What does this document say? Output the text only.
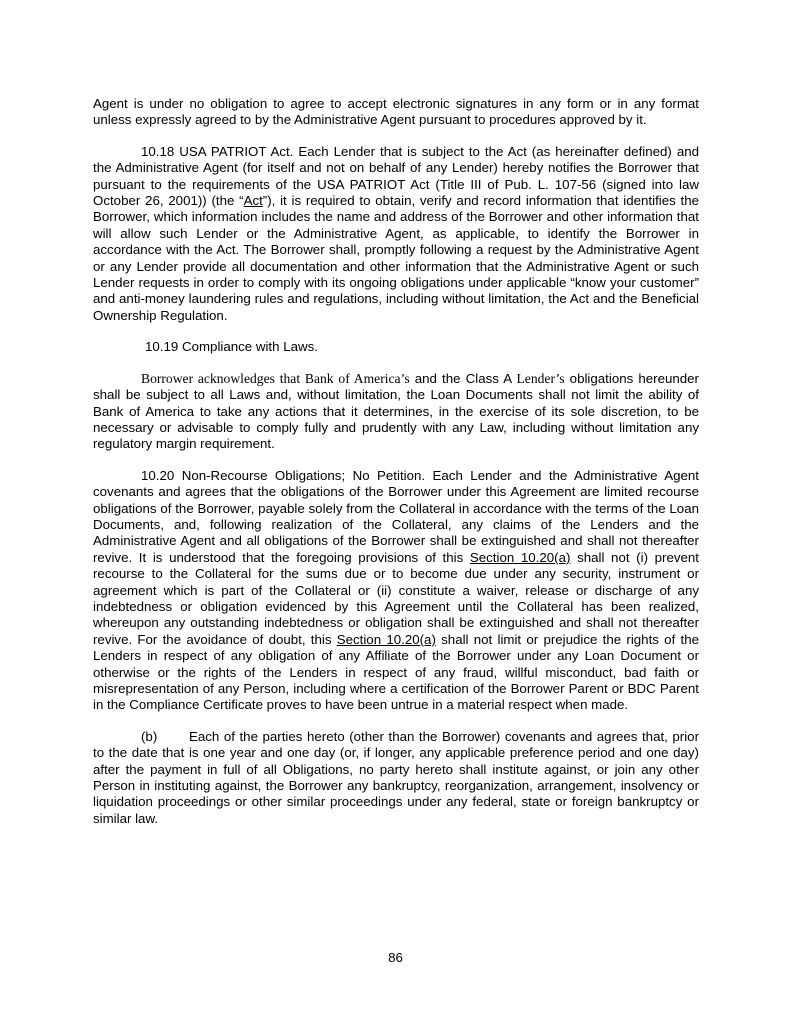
Agent is under no obligation to agree to accept electronic signatures in any form or in any format unless expressly agreed to by the Administrative Agent pursuant to procedures approved by it.

10.18 USA PATRIOT Act. Each Lender that is subject to the Act (as hereinafter defined) and the Administrative Agent (for itself and not on behalf of any Lender) hereby notifies the Borrower that pursuant to the requirements of the USA PATRIOT Act (Title III of Pub. L. 107-56 (signed into law October 26, 2001)) (the “Act”), it is required to obtain, verify and record information that identifies the Borrower, which information includes the name and address of the Borrower and other information that will allow such Lender or the Administrative Agent, as applicable, to identify the Borrower in accordance with the Act. The Borrower shall, promptly following a request by the Administrative Agent or any Lender provide all documentation and other information that the Administrative Agent or such Lender requests in order to comply with its ongoing obligations under applicable “know your customer” and anti-money laundering rules and regulations, including without limitation, the Act and the Beneficial Ownership Regulation.

10.19 Compliance with Laws.

Borrower acknowledges that Bank of America’s and the Class A Lender’s obligations hereunder shall be subject to all Laws and, without limitation, the Loan Documents shall not limit the ability of Bank of America to take any actions that it determines, in the exercise of its sole discretion, to be necessary or advisable to comply fully and prudently with any Law, including without limitation any regulatory margin requirement.

10.20 Non-Recourse Obligations; No Petition. Each Lender and the Administrative Agent covenants and agrees that the obligations of the Borrower under this Agreement are limited recourse obligations of the Borrower, payable solely from the Collateral in accordance with the terms of the Loan Documents, and, following realization of the Collateral, any claims of the Lenders and the Administrative Agent and all obligations of the Borrower shall be extinguished and shall not thereafter revive. It is understood that the foregoing provisions of this Section 10.20(a) shall not (i) prevent recourse to the Collateral for the sums due or to become due under any security, instrument or agreement which is part of the Collateral or (ii) constitute a waiver, release or discharge of any indebtedness or obligation evidenced by this Agreement until the Collateral has been realized, whereupon any outstanding indebtedness or obligation shall be extinguished and shall not thereafter revive. For the avoidance of doubt, this Section 10.20(a) shall not limit or prejudice the rights of the Lenders in respect of any obligation of any Affiliate of the Borrower under any Loan Document or otherwise or the rights of the Lenders in respect of any fraud, willful misconduct, bad faith or misrepresentation of any Person, including where a certification of the Borrower Parent or BDC Parent in the Compliance Certificate proves to have been untrue in a material respect when made.

(b) Each of the parties hereto (other than the Borrower) covenants and agrees that, prior to the date that is one year and one day (or, if longer, any applicable preference period and one day) after the payment in full of all Obligations, no party hereto shall institute against, or join any other Person in instituting against, the Borrower any bankruptcy, reorganization, arrangement, insolvency or liquidation proceedings or other similar proceedings under any federal, state or foreign bankruptcy or similar law.

86
